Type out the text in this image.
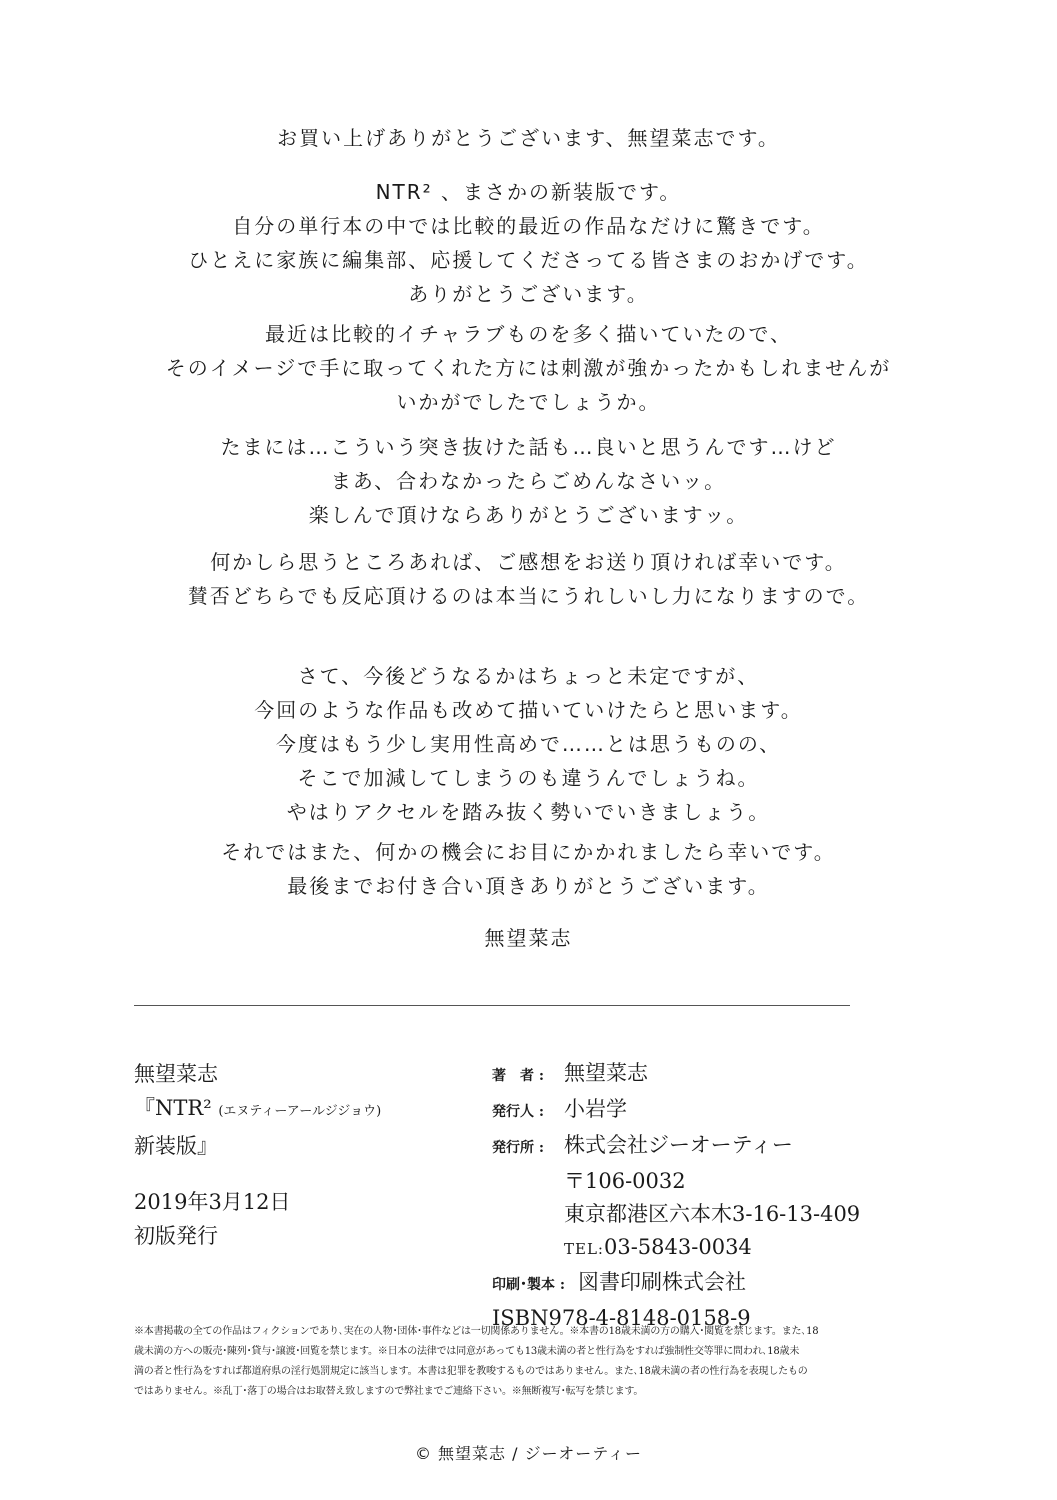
お買い上げありがとうございます、無望菜志です。
NTR² 、まさかの新装版です。
自分の単行本の中では比較的最近の作品なだけに驚きです。
ひとえに家族に編集部、応援してくださってる皆さまのおかげです。
ありがとうございます。
最近は比較的イチャラブものを多く描いていたので、
そのイメージで手に取ってくれた方には刺激が強かったかもしれませんが
いかがでしたでしょうか。
たまには…こういう突き抜けた話も…良いと思うんです…けど
まあ、合わなかったらごめんなさいッ。
楽しんで頂けならありがとうございますッ。
何かしら思うところあれば、ご感想をお送り頂ければ幸いです。
賛否どちらでも反応頂けるのは本当にうれしいし力になりますので。
さて、今後どうなるかはちょっと未定ですが、
今回のような作品も改めて描いていけたらと思います。
今度はもう少し実用性高めで……とは思うものの、
そこで加減してしまうのも違うんでしょうね。
やはりアクセルを踏み抜く勢いでいきましょう。
それではまた、何かの機会にお目にかかれましたら幸いです。
最後までお付き合い頂きありがとうございます。
無望菜志
無望菜志
『NTR² (エヌティーアールジジョウ)
新装版』
2019年3月12日
初版発行
著　者 : 無望菜志
発行人 : 小岩学
発行所 : 株式会社ジーオーティー
〒106-0032
東京都港区六本木3-16-13-409
TEL:03-5843-0034
印刷･製本 : 図書印刷株式会社
ISBN978-4-8148-0158-9
※本書掲載の全ての作品はフィクションであり､実在の人物･団体･事件などは一切関係ありません。※本書の18歳未満の方の購入･閲覧を禁じます。また､18
歳未満の方への販売･陳列･貸与･譲渡･回覧を禁じます。※日本の法律では同意があっても13歳未満の者と性行為をすれば強制性交等罪に問われ､18歳未
満の者と性行為をすれば都道府県の淫行処罰規定に該当します。本書は犯罪を教唆するものではありません。また､18歳未満の者の性行為を表現したもの
ではありません。※乱丁･落丁の場合はお取替え致しますので弊社までご連絡下さい。※無断複写･転写を禁じます。
© 無望菜志 / ジーオーティー
